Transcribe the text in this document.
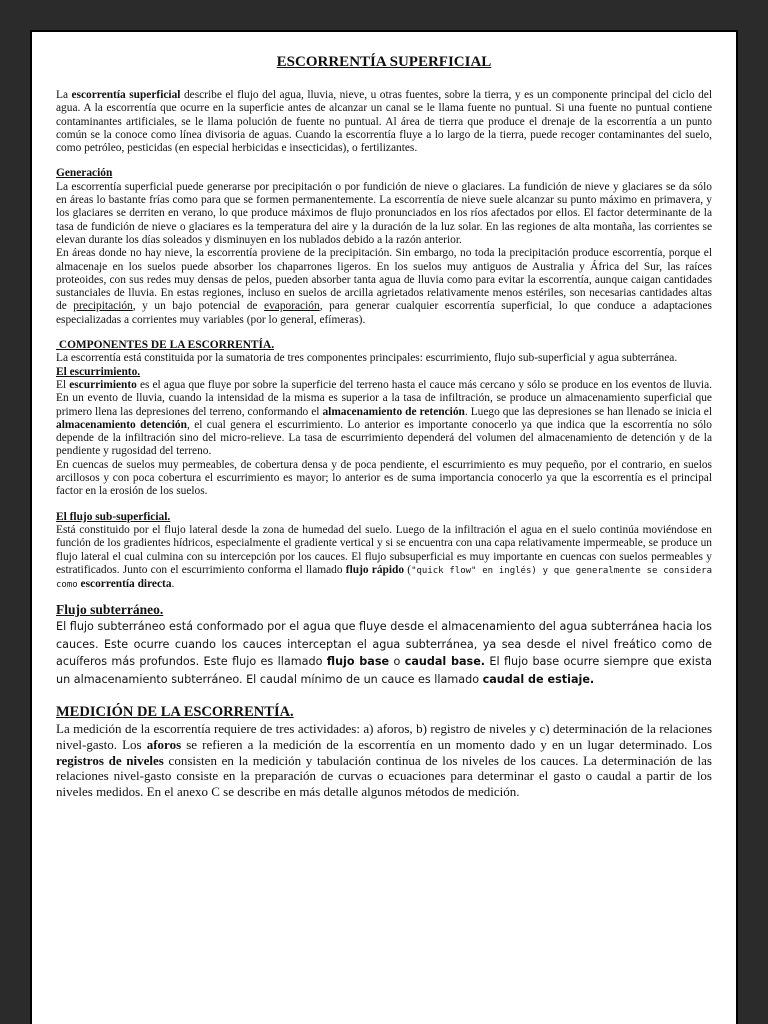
ESCORRENTÍA SUPERFICIAL

La escorrentía superficial describe el flujo del agua, lluvia, nieve, u otras fuentes, sobre la tierra, y es un componente principal del ciclo del agua. A la escorrentía que ocurre en la superficie antes de alcanzar un canal se le llama fuente no puntual. Si una fuente no puntual contiene contaminantes artificiales, se le llama polución de fuente no puntual. Al área de tierra que produce el drenaje de la escorrentía a un punto común se la conoce como línea divisoria de aguas. Cuando la escorrentía fluye a lo largo de la tierra, puede recoger contaminantes del suelo, como petróleo, pesticidas (en especial herbicidas e insecticidas), o fertilizantes.

Generación

La escorrentía superficial puede generarse por precipitación o por fundición de nieve o glaciares. La fundición de nieve y glaciares se da sólo en áreas lo bastante frías como para que se formen permanentemente. La escorrentía de nieve suele alcanzar su punto máximo en primavera, y los glaciares se derriten en verano, lo que produce máximos de flujo pronunciados en los ríos afectados por ellos. El factor determinante de la tasa de fundición de nieve o glaciares es la temperatura del aire y la duración de la luz solar. En las regiones de alta montaña, las corrientes se elevan durante los días soleados y disminuyen en los nublados debido a la razón anterior.

En áreas donde no hay nieve, la escorrentía proviene de la precipitación. Sin embargo, no toda la precipitación produce escorrentía, porque el almacenaje en los suelos puede absorber los chaparrones ligeros. En los suelos muy antiguos de Australia y África del Sur, las raíces proteoides, con sus redes muy densas de pelos, pueden absorber tanta agua de lluvia como para evitar la escorrentía, aunque caigan cantidades sustanciales de lluvia. En estas regiones, incluso en suelos de arcilla agrietados relativamente menos estériles, son necesarias cantidades altas de precipitación, y un bajo potencial de evaporación, para generar cualquier escorrentía superficial, lo que conduce a adaptaciones especializadas a corrientes muy variables (por lo general, efímeras).

COMPONENTES DE LA ESCORRENTÍA.

La escorrentía está constituida por la sumatoria de tres componentes principales: escurrimiento, flujo sub-superficial y agua subterránea.

El escurrimiento.

El escurrimiento es el agua que fluye por sobre la superficie del terreno hasta el cauce más cercano y sólo se produce en los eventos de lluvia. En un evento de lluvia, cuando la intensidad de la misma es superior a la tasa de infiltración, se produce un almacenamiento superficial que primero llena las depresiones del terreno, conformando el almacenamiento de retención. Luego que las depresiones se han llenado se inicia el almacenamiento detención, el cual genera el escurrimiento. Lo anterior es importante conocerlo ya que indica que la escorrentía no sólo depende de la infiltración sino del micro-relieve. La tasa de escurrimiento dependerá del volumen del almacenamiento de detención y de la pendiente y rugosidad del terreno.

En cuencas de suelos muy permeables, de cobertura densa y de poca pendiente, el escurrimiento es muy pequeño, por el contrario, en suelos arcillosos y con poca cobertura el escurrimiento es mayor; lo anterior es de suma importancia conocerlo ya que la escorrentía es el principal factor en la erosión de los suelos.

El flujo sub-superficial.

Está constituido por el flujo lateral desde la zona de humedad del suelo. Luego de la infiltración el agua en el suelo continúa moviéndose en función de los gradientes hídricos, especialmente el gradiente vertical y si se encuentra con una capa relativamente impermeable, se produce un flujo lateral el cual culmina con su intercepción por los cauces. El flujo subsuperficial es muy importante en cuencas con suelos permeables y estratificados. Junto con el escurrimiento conforma el llamado flujo rápido ("quick flow" en inglés) y que generalmente se considera como escorrentía directa.

Flujo subterráneo.

El flujo subterráneo está conformado por el agua que fluye desde el almacenamiento del agua subterránea hacia los cauces. Este ocurre cuando los cauces interceptan el agua subterránea, ya sea desde el nivel freático como de acuíferos más profundos. Este flujo es llamado flujo base o caudal base. El flujo base ocurre siempre que exista un almacenamiento subterráneo. El caudal mínimo de un cauce es llamado caudal de estiaje.

MEDICIÓN DE LA ESCORRENTÍA.

La medición de la escorrentía requiere de tres actividades: a) aforos, b) registro de niveles y c) determinación de la relaciones nivel-gasto. Los aforos se refieren a la medición de la escorrentía en un momento dado y en un lugar determinado. Los registros de niveles consisten en la medición y tabulación continua de los niveles de los cauces. La determinación de las relaciones nivel-gasto consiste en la preparación de curvas o ecuaciones para determinar el gasto o caudal a partir de los niveles medidos. En el anexo C se describe en más detalle algunos métodos de medición.
